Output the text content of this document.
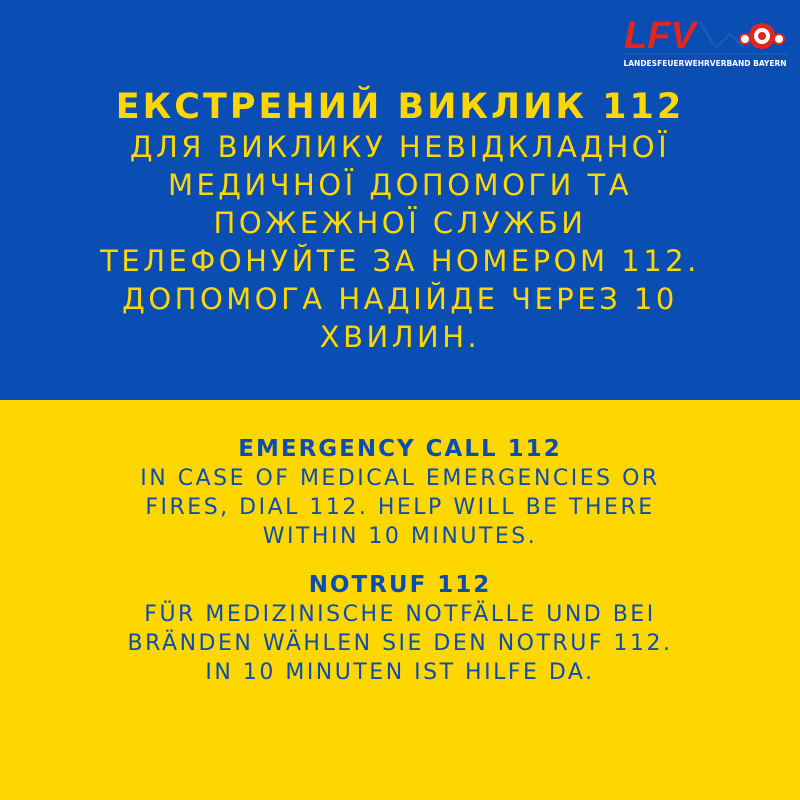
LFV
LANDESFEUERWEHRVERBAND BAYERN
ЕКСТРЕНИЙ ВИКЛИК 112
ДЛЯ ВИКЛИКУ НЕВІДКЛАДНОЇ
МЕДИЧНОЇ ДОПОМОГИ ТА
ПОЖЕЖНОЇ СЛУЖБИ
ТЕЛЕФОНУЙТЕ ЗА НОМЕРОМ 112.
ДОПОМОГА НАДІЙДЕ ЧЕРЕЗ 10
ХВИЛИН.
EMERGENCY CALL 112
IN CASE OF MEDICAL EMERGENCIES OR
FIRES, DIAL 112. HELP WILL BE THERE
WITHIN 10 MINUTES.
NOTRUF 112
FÜR MEDIZINISCHE NOTFÄLLE UND BEI
BRÄNDEN WÄHLEN SIE DEN NOTRUF 112.
IN 10 MINUTEN IST HILFE DA.
